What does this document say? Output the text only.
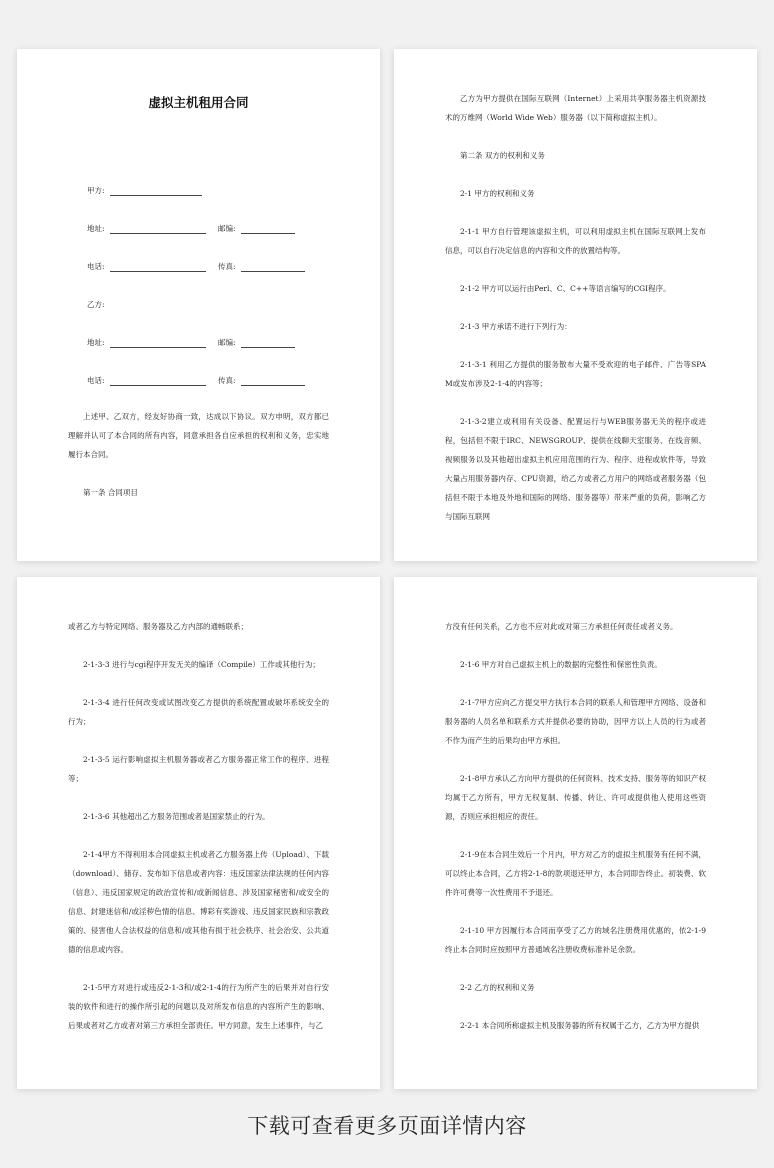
虚拟主机租用合同
甲方:
地址:	邮编:
电话:	传真:
乙方:
地址:	邮编:
电话:	传真:

上述甲、乙双方，经友好协商一致，达成以下协议。双方申明，双方都已理解并认可了本合同的所有内容，同意承担各自应承担的权利和义务，忠实地履行本合同。

第一条 合同项目

乙方为甲方提供在国际互联网（Internet）上采用共享服务器主机资源技术的万维网（World Wide Web）服务器（以下简称虚拟主机）。

第二条 双方的权利和义务

2-1 甲方的权利和义务

2-1-1 甲方自行管理该虚拟主机，可以利用虚拟主机在国际互联网上发布信息，可以自行决定信息的内容和文件的放置结构等。

2-1-2 甲方可以运行由Perl、C、C++等语言编写的CGI程序。

2-1-3 甲方承诺不进行下列行为：

2-1-3-1 利用乙方提供的服务散布大量不受欢迎的电子邮件、广告等SPAM或发布涉及2-1-4的内容等；

2-1-3-2建立或利用有关设备、配置运行与WEB服务器无关的程序或进程，包括但不限于IRC、NEWSGROUP、提供在线聊天室服务、在线音频、视频服务以及其他超出虚拟主机应用范围的行为、程序、进程或软件等，导致大量占用服务器内存、CPU资源，给乙方或者乙方用户的网络或者服务器（包括但不限于本地及外地和国际的网络、服务器等）带来严重的负荷，影响乙方与国际互联网

或者乙方与特定网络、服务器及乙方内部的通畅联系；

2-1-3-3 进行与cgi程序开发无关的编译（Compile）工作或其他行为；

2-1-3-4 进行任何改变或试图改变乙方提供的系统配置或破坏系统安全的行为；

2-1-3-5 运行影响虚拟主机服务器或者乙方服务器正常工作的程序、进程等；

2-1-3-6 其他超出乙方服务范围或者是国家禁止的行为。

2-1-4甲方不得利用本合同虚拟主机或者乙方服务器上传（Upload）、下载（download）、储存、发布如下信息或者内容：违反国家法律法规的任何内容（信息）、违反国家规定的政治宣传和/或新闻信息、涉及国家秘密和/或安全的信息、封建迷信和/或淫秽色情的信息、博彩有奖游戏、违反国家民族和宗教政策的、侵害他人合法权益的信息和/或其他有损于社会秩序、社会治安、公共道德的信息或内容。

2-1-5甲方对进行或违反2-1-3和/或2-1-4的行为所产生的后果并对自行安装的软件和进行的操作所引起的问题以及对所发布信息的内容所产生的影响、后果或者对乙方或者对第三方承担全部责任。甲方同意，发生上述事件，与乙

方没有任何关系，乙方也不应对此或对第三方承担任何责任或者义务。

2-1-6 甲方对自己虚拟主机上的数据的完整性和保密性负责。

2-1-7甲方应向乙方提交甲方执行本合同的联系人和管理甲方网络、设备和服务器的人员名单和联系方式并提供必要的协助，因甲方以上人员的行为或者不作为而产生的后果均由甲方承担。

2-1-8甲方承认乙方向甲方提供的任何资料、技术支持、服务等的知识产权均属于乙方所有，甲方无权复制、传播、转让、许可或提供他人使用这些资源，否则应承担相应的责任。

2-1-9在本合同生效后一个月内，甲方对乙方的虚拟主机服务有任何不满，可以终止本合同，乙方将2-1-8的款项退还甲方，本合同即告终止。初装费、软件许可费等一次性费用不予退还。

2-1-10 甲方因履行本合同而享受了乙方的域名注册费用优惠的，依2-1-9终止本合同时应按照甲方普通域名注册收费标准补足余款。

2-2 乙方的权利和义务

2-2-1 本合同所称虚拟主机及服务器的所有权属于乙方，乙方为甲方提供

下载可查看更多页面详情内容
